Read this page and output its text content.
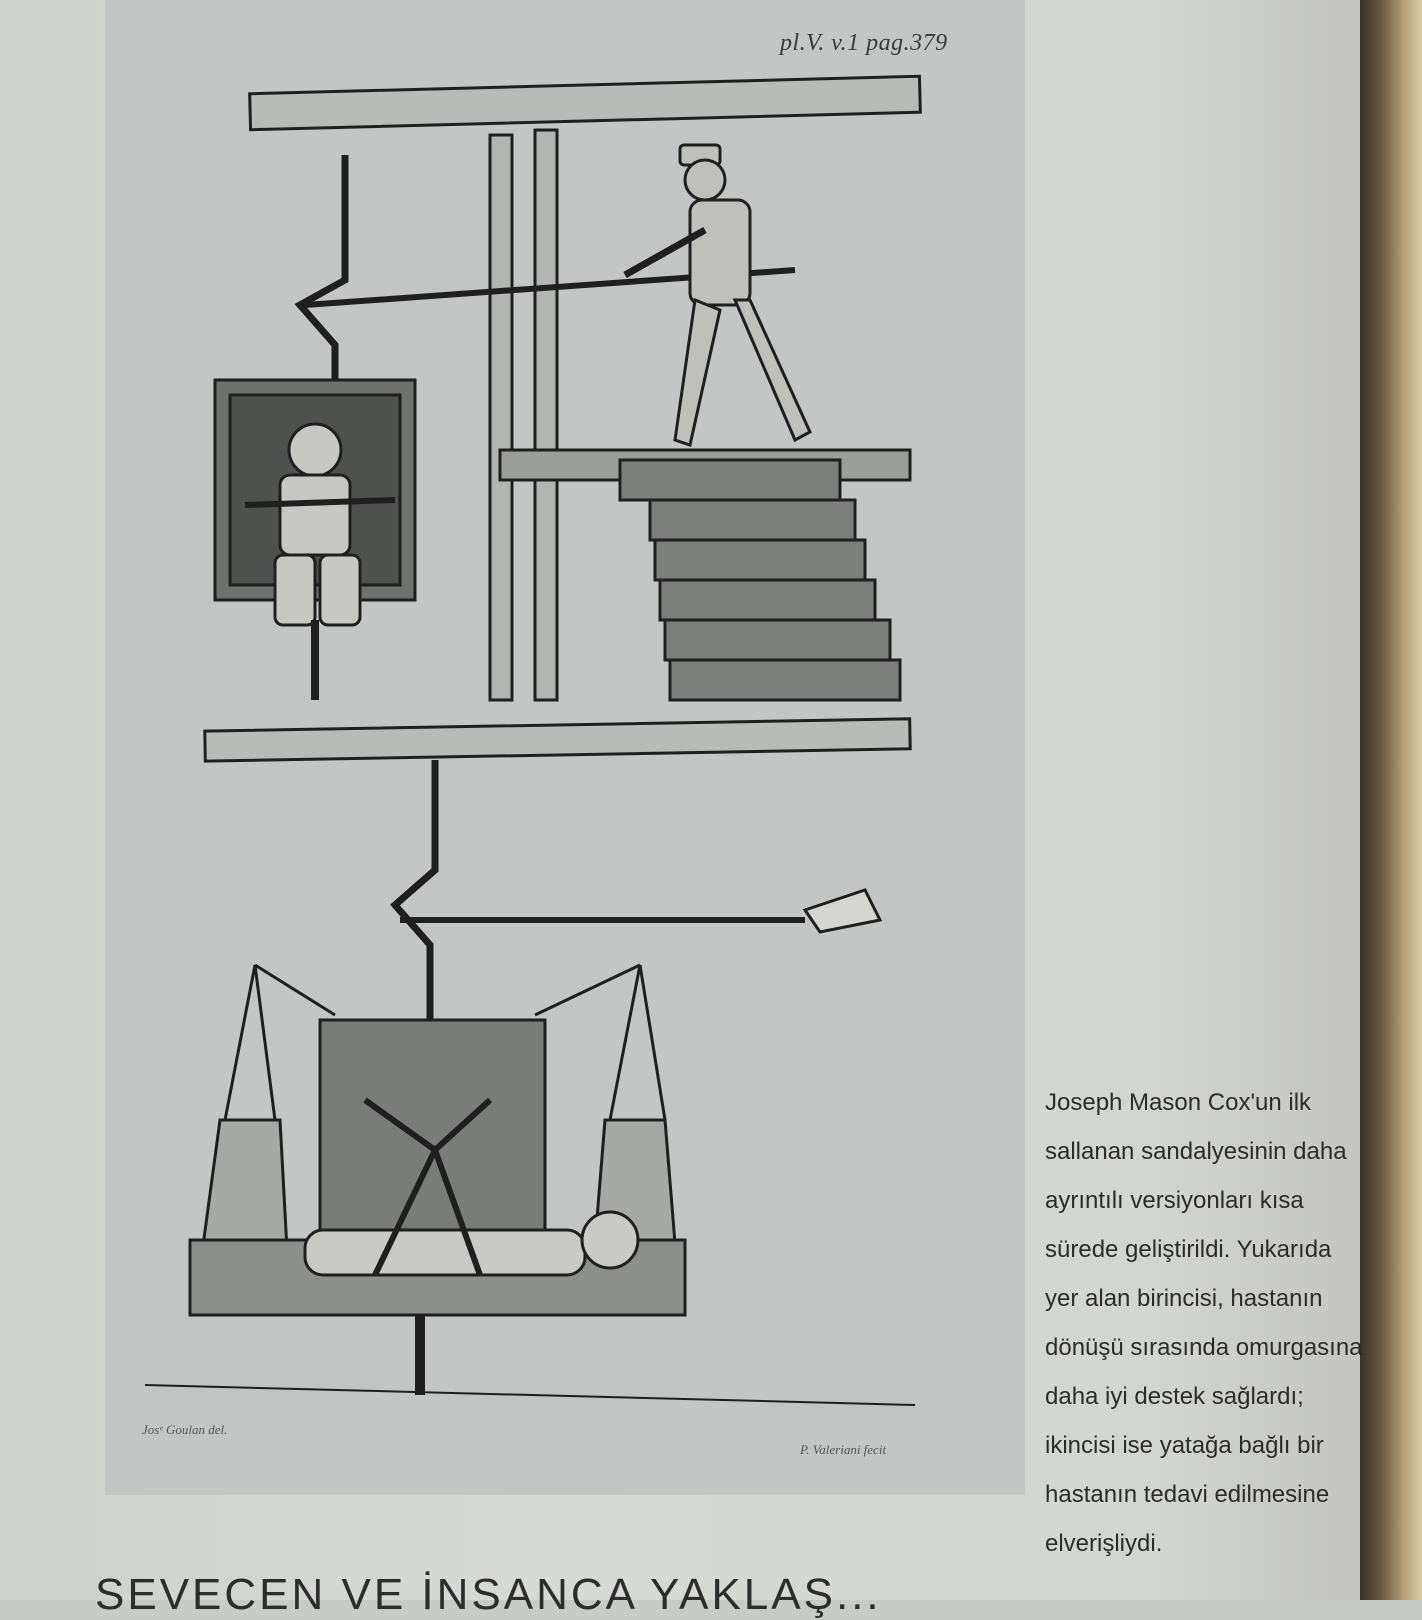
pl.V. v.1 pag.379
Josᵉ Goulan del.
P. Valeriani fecit
Joseph Mason Cox'un ilk
sallanan sandalyesinin daha
ayrıntılı versiyonları kısa
sürede geliştirildi. Yukarıda
yer alan birincisi, hastanın
dönüşü sırasında omurgasına
daha iyi destek sağlardı;
ikincisi ise yatağa bağlı bir
hastanın tedavi edilmesine
elverişliydi.
SEVECEN VE İNSANCA YAKLAŞ...
